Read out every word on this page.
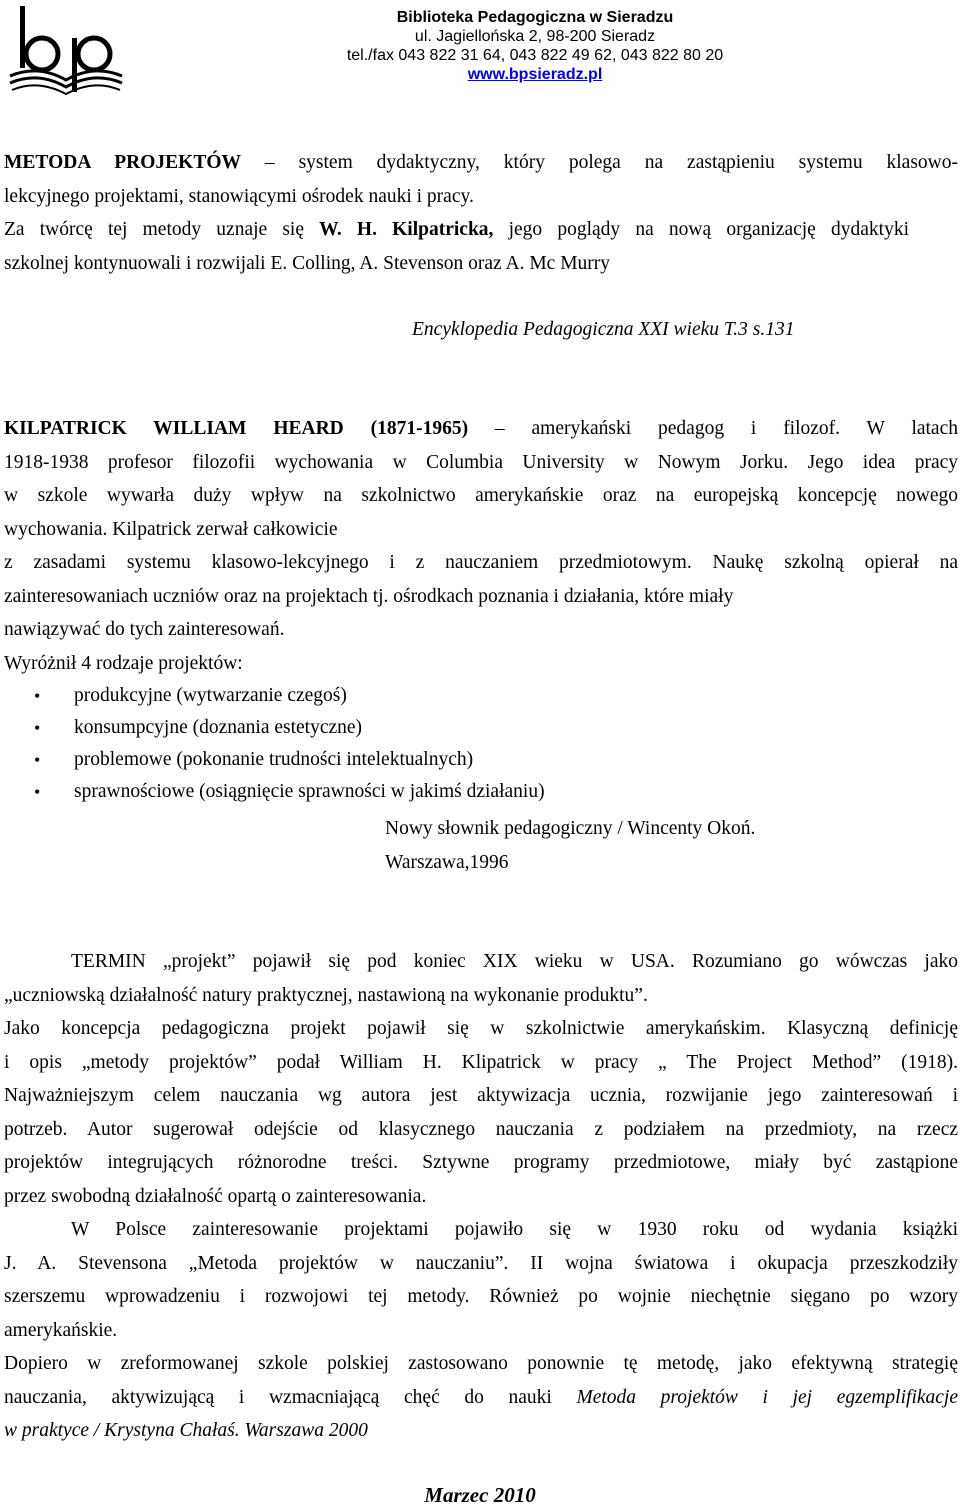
Biblioteka Pedagogiczna w Sieradzu
ul. Jagiellońska 2, 98-200 Sieradz
tel./fax 043 822 31 64, 043 822 49 62, 043 822 80 20
www.bpsieradz.pl

METODA PROJEKTÓW – system dydaktyczny, który polega na zastąpieniu systemu klasowo-

lekcyjnego projektami, stanowiącymi ośrodek nauki i pracy.

Za twórcę tej metody uznaje się W. H. Kilpatricka, jego poglądy na nową organizację dydaktyki

szkolnej kontynuowali i rozwijali E. Colling, A. Stevenson oraz A. Mc Murry

Encyklopedia Pedagogiczna XXI wieku T.3 s.131

KILPATRICK WILLIAM HEARD (1871-1965) – amerykański pedagog i filozof. W latach

1918-1938 profesor filozofii wychowania w Columbia University w Nowym Jorku. Jego idea pracy

w szkole wywarła duży wpływ na szkolnictwo amerykańskie oraz na europejską koncepcję nowego

wychowania. Kilpatrick zerwał całkowicie

z zasadami systemu klasowo-lekcyjnego i z nauczaniem przedmiotowym. Naukę szkolną opierał na

zainteresowaniach uczniów oraz na projektach tj. ośrodkach poznania i działania, które miały

nawiązywać do tych zainteresowań.

Wyróżnił 4 rodzaje projektów:

• produkcyjne (wytwarzanie czegoś)
• konsumpcyjne (doznania estetyczne)
• problemowe (pokonanie trudności intelektualnych)
• sprawnościowe (osiągnięcie sprawności w jakimś działaniu)
Nowy słownik pedagogiczny / Wincenty Okoń.
Warszawa,1996

TERMIN „projekt” pojawił się pod koniec XIX wieku w USA. Rozumiano go wówczas jako

„uczniowską działalność natury praktycznej, nastawioną na wykonanie produktu”.

Jako koncepcja pedagogiczna projekt pojawił się w szkolnictwie amerykańskim. Klasyczną definicję

i opis „metody projektów” podał William H. Klipatrick w pracy „ The Project Method” (1918).

Najważniejszym celem nauczania wg autora jest aktywizacja ucznia, rozwijanie jego zainteresowań i

potrzeb. Autor sugerował odejście od klasycznego nauczania z podziałem na przedmioty, na rzecz

projektów integrujących różnorodne treści. Sztywne programy przedmiotowe, miały być zastąpione

przez swobodną działalność opartą o zainteresowania.

W Polsce zainteresowanie projektami pojawiło się w 1930 roku od wydania książki

J. A. Stevensona „Metoda projektów w nauczaniu”. II wojna światowa i okupacja przeszkodziły

szerszemu wprowadzeniu i rozwojowi tej metody. Również po wojnie niechętnie sięgano po wzory

amerykańskie.

Dopiero w zreformowanej szkole polskiej zastosowano ponownie tę metodę, jako efektywną strategię

nauczania, aktywizującą i wzmacniającą chęć do nauki Metoda projektów i jej egzemplifikacje

w praktyce / Krystyna Chałaś. Warszawa 2000

Marzec 2010
